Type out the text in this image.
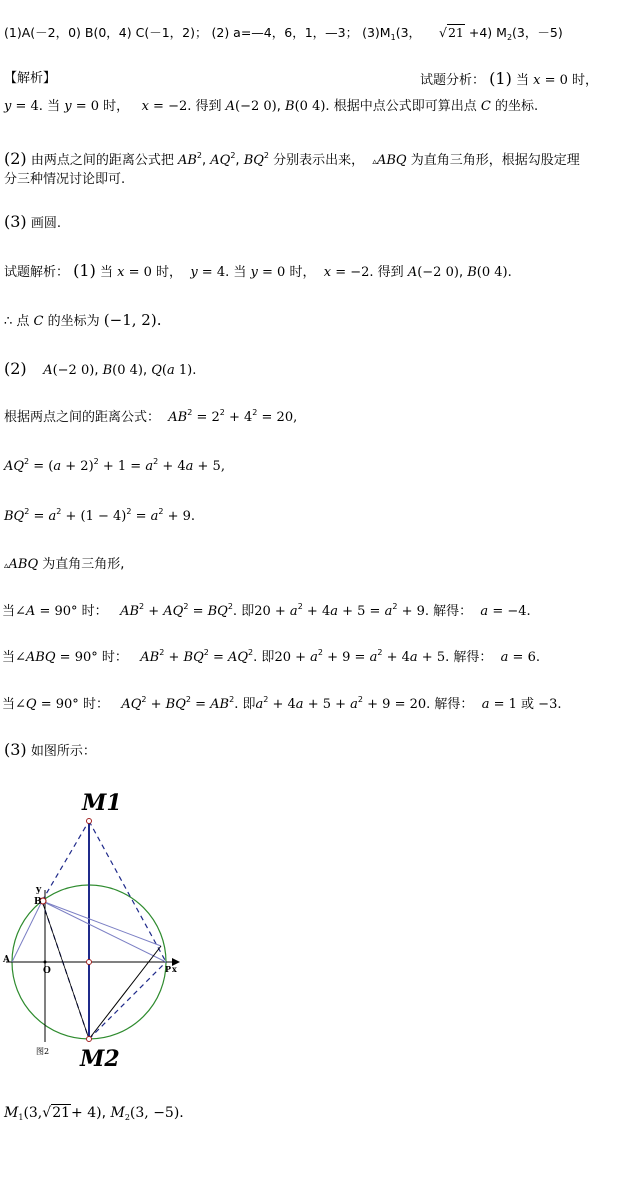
(1)A(－2，0) B(0，4) C(－1，2)； (2) a=—4，6，1，—3； $(3)M_1(3$， √21 +4) $M_2(3$，－5)
【解析】	试题分析： (1) 当 x = 0 时，
y = 4. 当 y = 0 时， x = −2. 得到 A(−2 0), B(0 4). 根据中点公式即可算出点 C 的坐标.
(2) 由两点之间的距离公式把 $AB^2$, $AQ^2$, $BQ^2$ 分别表示出来， ▵ABQ 为直角三角形，根据勾股定理
分三种情况讨论即可.
(3) 画圆.
试题解析： (1) 当 x = 0 时， y = 4. 当 y = 0 时， x = −2. 得到 A(−2 0), B(0 4).
∴ 点 C 的坐标为 (−1, 2).
(2) A(−2 0), B(0 4), Q(a 1).
根据两点之间的距离公式： $AB^2 = 2^2 + 4^2 = 20$,
$AQ^2 = (a + 2)^2 + 1 = a^2 + 4a + 5$,
$BQ^2 = a^2 + (1 - 4)^2 = a^2 + 9$.
▵ABQ 为直角三角形,
当∠A = 90° 时： $AB^2 + AQ^2 = BQ^2$. 即$20 + a^2 + 4a + 5 = a^2 + 9$. 解得： a = −4.
当∠ABQ = 90° 时： $AB^2 + BQ^2 = AQ^2$. 即$20 + a^2 + 9 = a^2 + 4a + 5$. 解得： a = 6.
当∠Q = 90° 时： $AQ^2 + BQ^2 = AB^2$. 即$a^2 + 4a + 5 + a^2 + 9 = 20$. 解得： a = 1 或 −3.
(3) 如图所示：
M1
M2
y
B
A
O	P x
图2
$M_1(3,√21+ 4)$, $M_2(3$, −5).
